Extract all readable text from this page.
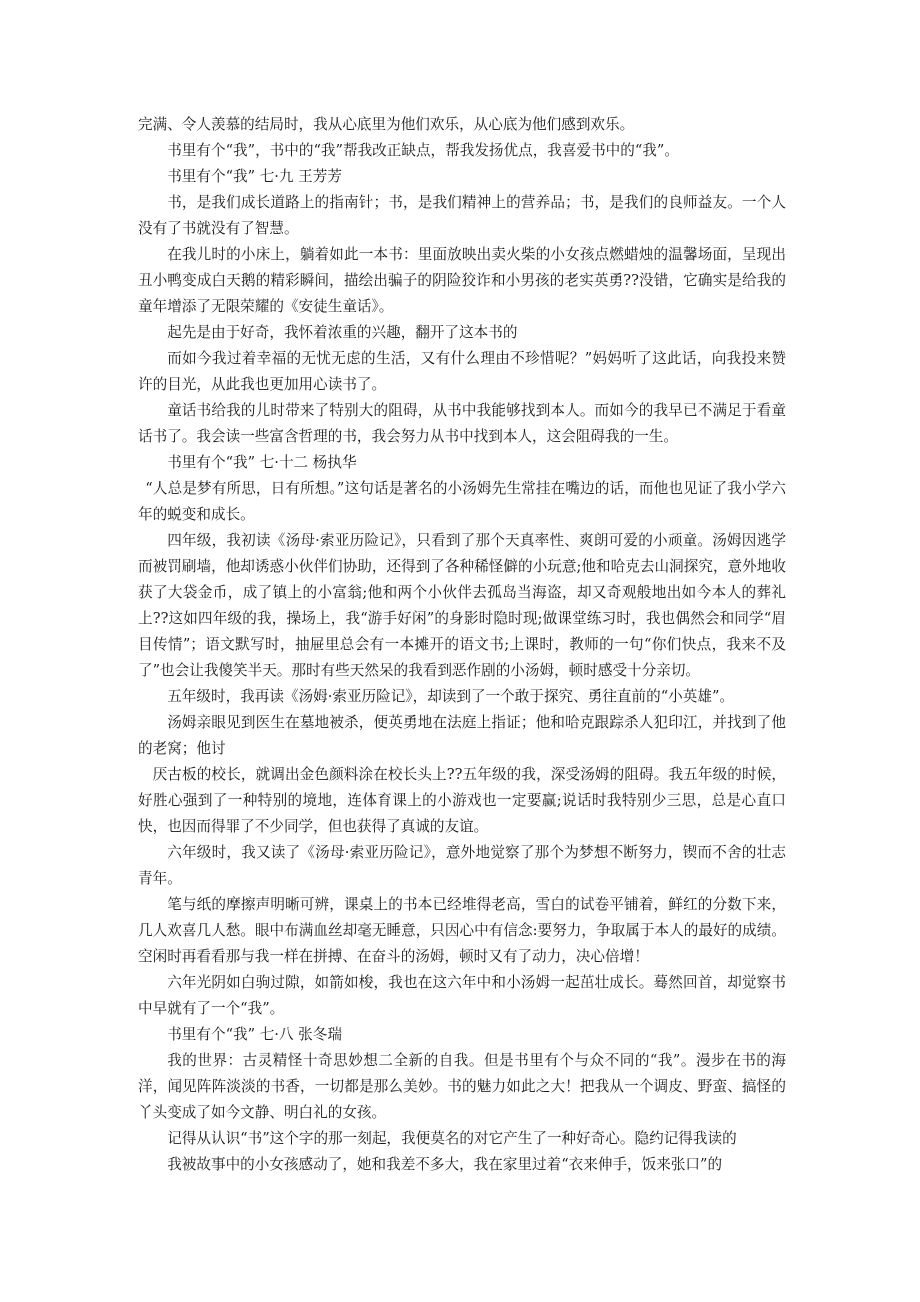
完满、令人羡慕的结局时，我从心底里为他们欢乐，从心底为他们感到欢乐。

书里有个“我”，书中的“我”帮我改正缺点，帮我发扬优点，我喜爱书中的“我”。

书里有个“我” 七·九 王芳芳

书，是我们成长道路上的指南针；书，是我们精神上的营养品；书，是我们的良师益友。一个人没有了书就没有了智慧。

在我儿时的小床上，躺着如此一本书：里面放映出卖火柴的小女孩点燃蜡烛的温馨场面，呈现出丑小鸭变成白天鹅的精彩瞬间，描绘出骗子的阴险狡诈和小男孩的老实英勇??没错，它确实是给我的童年增添了无限荣耀的《安徒生童话》。

起先是由于好奇，我怀着浓重的兴趣，翻开了这本书的

而如今我过着幸福的无忧无虑的生活，又有什么理由不珍惜呢？”妈妈听了这此话，向我投来赞许的目光，从此我也更加用心读书了。

童话书给我的儿时带来了特别大的阻碍，从书中我能够找到本人。而如今的我早已不满足于看童话书了。我会读一些富含哲理的书，我会努力从书中找到本人，这会阻碍我的一生。

书里有个“我” 七·十二 杨执华

“人总是梦有所思，日有所想。”这句话是著名的小汤姆先生常挂在嘴边的话，而他也见证了我小学六年的蜕变和成长。

四年级，我初读《汤母·索亚历险记》，只看到了那个天真率性、爽朗可爱的小顽童。汤姆因逃学而被罚刷墙，他却诱惑小伙伴们协助，还得到了各种稀怪僻的小玩意;他和哈克去山洞探究，意外地收获了大袋金币，成了镇上的小富翁;他和两个小伙伴去孤岛当海盗，却又奇观般地出如今本人的葬礼上??这如四年级的我，操场上，我“游手好闲”的身影时隐时现;做课堂练习时，我也偶然会和同学“眉目传情”；语文默写时，抽屉里总会有一本摊开的语文书;上课时，教师的一句“你们快点，我来不及了”也会让我傻笑半天。那时有些天然呆的我看到恶作剧的小汤姆，顿时感受十分亲切。

五年级时，我再读《汤姆·索亚历险记》，却读到了一个敢于探究、勇往直前的“小英雄”。

汤姆亲眼见到医生在墓地被杀，便英勇地在法庭上指证；他和哈克跟踪杀人犯印江，并找到了他的老窝；他讨

厌古板的校长，就调出金色颜料涂在校长头上??五年级的我，深受汤姆的阻碍。我五年级的时候，好胜心强到了一种特别的境地，连体育课上的小游戏也一定要赢;说话时我特别少三思，总是心直口快，也因而得罪了不少同学，但也获得了真诚的友谊。

六年级时，我又读了《汤母·索亚历险记》，意外地觉察了那个为梦想不断努力，锲而不舍的壮志青年。

笔与纸的摩擦声明晰可辨，课桌上的书本已经堆得老高，雪白的试卷平铺着，鲜红的分数下来，几人欢喜几人愁。眼中布满血丝却毫无睡意，只因心中有信念:要努力，争取属于本人的最好的成绩。空闲时再看看那与我一样在拼搏、在奋斗的汤姆，顿时又有了动力，决心倍增！

六年光阴如白驹过隙，如箭如梭，我也在这六年中和小汤姆一起茁壮成长。蓦然回首，却觉察书中早就有了一个“我”。

书里有个“我” 七·八 张冬瑞

我的世界：古灵精怪十奇思妙想二全新的自我。但是书里有个与众不同的“我”。漫步在书的海洋，闻见阵阵淡淡的书香，一切都是那么美妙。书的魅力如此之大！把我从一个调皮、野蛮、搞怪的丫头变成了如今文静、明白礼的女孩。

记得从认识“书”这个字的那一刻起，我便莫名的对它产生了一种好奇心。隐约记得我读的

我被故事中的小女孩感动了，她和我差不多大，我在家里过着“衣来伸手，饭来张口”的
